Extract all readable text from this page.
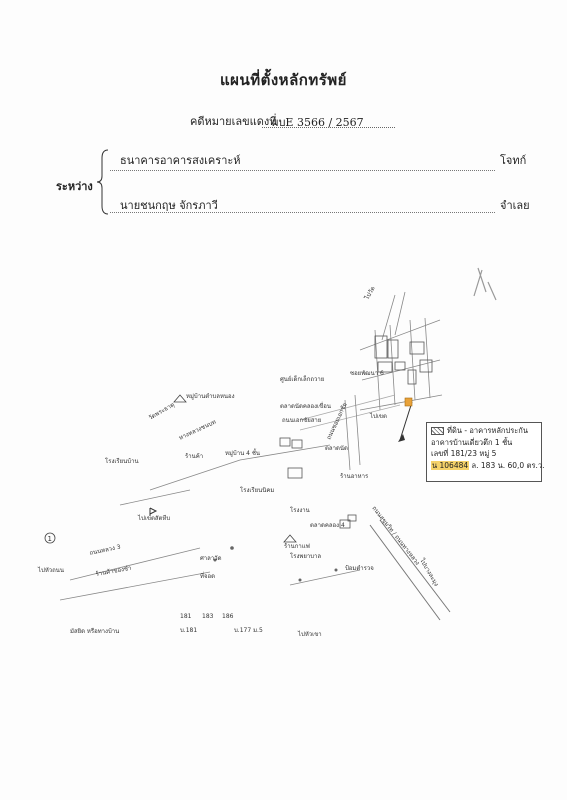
แผนที่ตั้งหลักทรัพย์
คดีหมายเลขแดงที่
ผบE 3566 / 2567
ระหว่าง
ธนาคารอาคารสงเคราะห์	โจทก์
นายชนกฤษ จักรภาวี	จำเลย
ไปวัด
ศูนย์เด็กเล็กถวาย
หมู่บ้านตำบลหนอง
ซอยพัฒนา 6
ตลาดนัดคลองเขื่อน
ถนนเอกชัยสาย ถนนซอยเอกชัย
วัดพระธาตุ
ทางหลวงชนบท
โรงเรียนบ้าน
ร้านค้า	หมู่บ้าน 4 ชั้น
ตลาดนัด
ไปเขต
โรงเรียนนิคม
ร้านอาหาร
โรงงาน	ถนนสุขุมวิท / ถนนทางหลวง
ไปเขตสัตหีบ
ตลาดคลอง 4
ร้านกาแฟ
ไปบางละมุง
โรงพยาบาล
ป้อมตำรวจ
ถนนหลวง 3
ร้านค้าของชำ
ศาลาวัด
มัสยิด หรือทางบ้าน
ที่จอด
ไปหัวถนน
บ.181	บ.177 ม.5
ไปหัวเขา
181 183 186
1
ที่ดิน - อาคารหลักประกัน
อาคารบ้านเดี่ยวตึก 1 ชั้น
เลขที่ 181/23 หมู่ 5
น 106484 ล. 183 น. 60,0 ตร.ว.
